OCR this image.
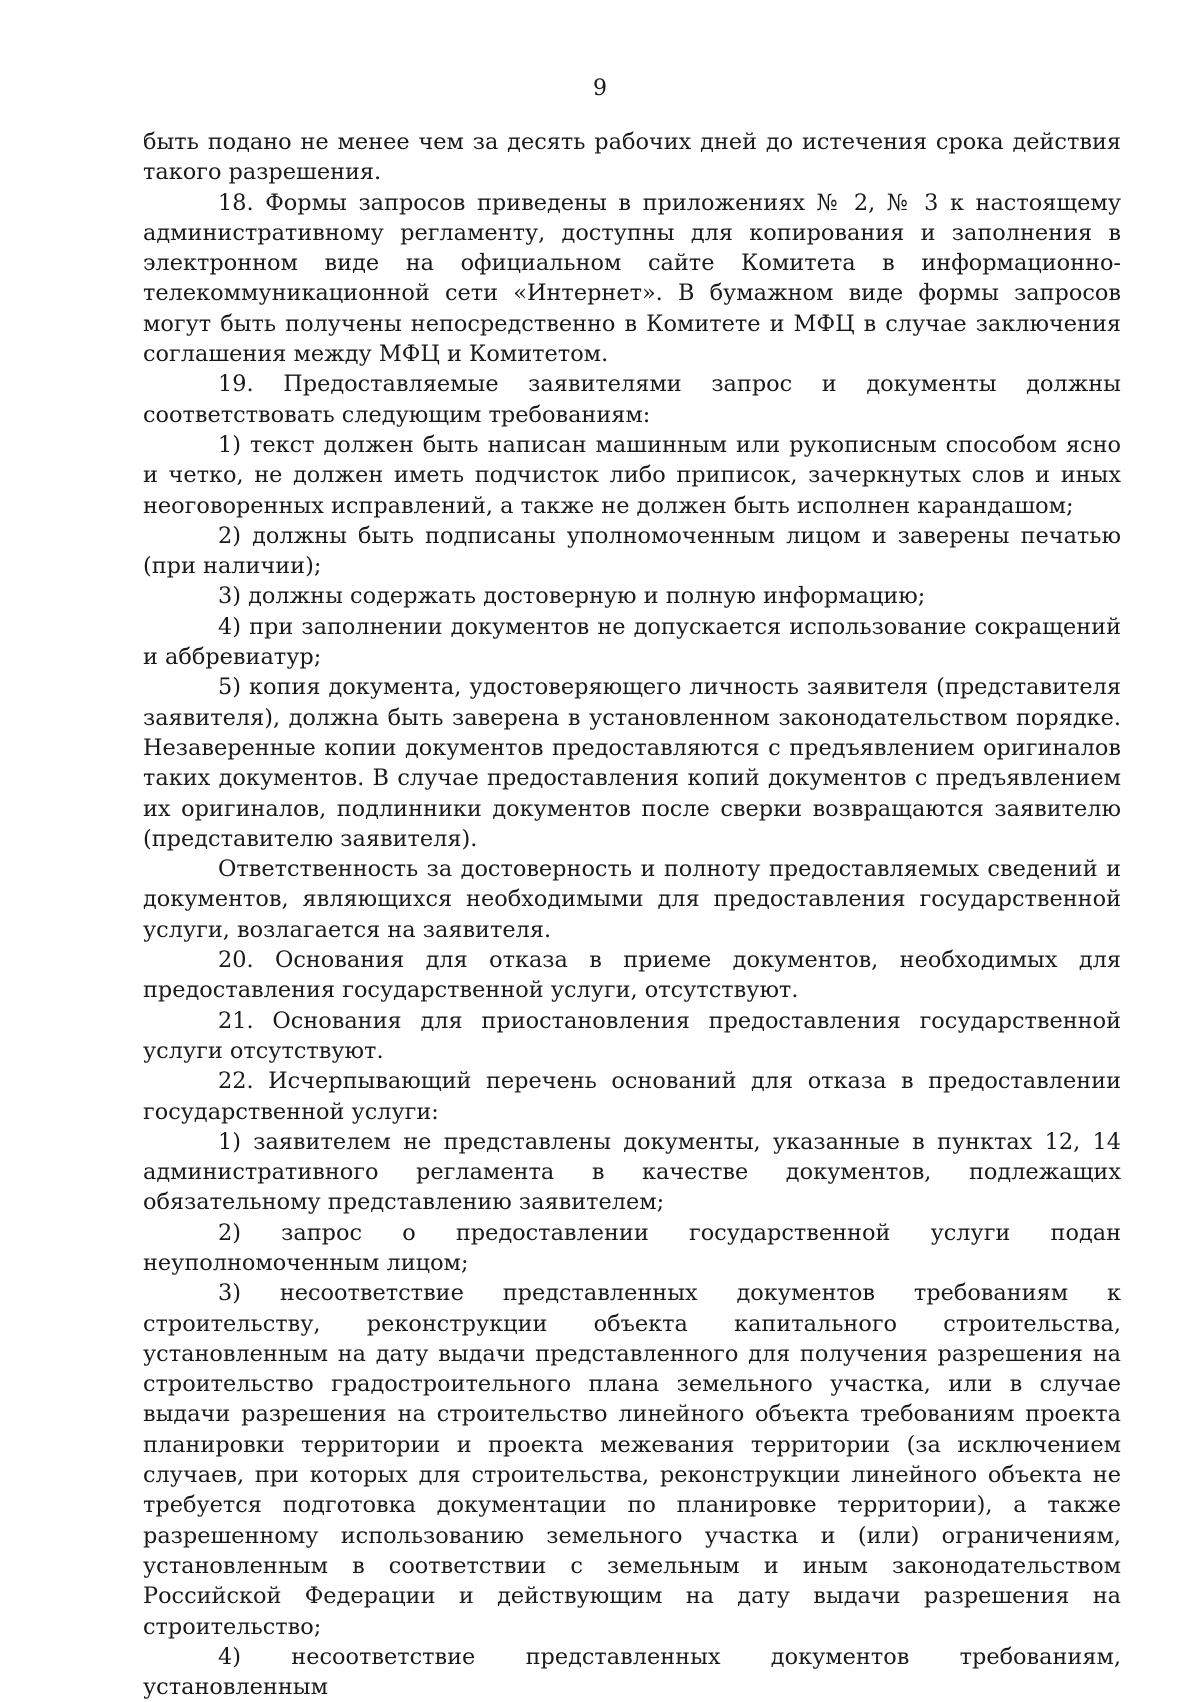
9

быть подано не менее чем за десять рабочих дней до истечения срока действия такого разрешения.

18. Формы запросов приведены в приложениях № 2, № 3 к настоящему административному регламенту, доступны для копирования и заполнения в электронном виде на официальном сайте Комитета в информационно-телекоммуникационной сети «Интернет». В бумажном виде формы запросов могут быть получены непосредственно в Комитете и МФЦ в случае заключения соглашения между МФЦ и Комитетом.

19. Предоставляемые заявителями запрос и документы должны соответствовать следующим требованиям:

1) текст должен быть написан машинным или рукописным способом ясно и четко, не должен иметь подчисток либо приписок, зачеркнутых слов и иных неоговоренных исправлений, а также не должен быть исполнен карандашом;

2) должны быть подписаны уполномоченным лицом и заверены печатью (при наличии);

3) должны содержать достоверную и полную информацию;

4) при заполнении документов не допускается использование сокращений и аббревиатур;

5) копия документа, удостоверяющего личность заявителя (представителя заявителя), должна быть заверена в установленном законодательством порядке. Незаверенные копии документов предоставляются с предъявлением оригиналов таких документов. В случае предоставления копий документов с предъявлением их оригиналов, подлинники документов после сверки возвращаются заявителю (представителю заявителя).

Ответственность за достоверность и полноту предоставляемых сведений и документов, являющихся необходимыми для предоставления государственной услуги, возлагается на заявителя.

20. Основания для отказа в приеме документов, необходимых для предоставления государственной услуги, отсутствуют.

21. Основания для приостановления предоставления государственной услуги отсутствуют.

22. Исчерпывающий перечень оснований для отказа в предоставлении государственной услуги:

1) заявителем не представлены документы, указанные в пунктах 12, 14 административного регламента в качестве документов, подлежащих обязательному представлению заявителем;

2) запрос о предоставлении государственной услуги подан неуполномоченным лицом;

3) несоответствие представленных документов требованиям к строительству, реконструкции объекта капитального строительства, установленным на дату выдачи представленного для получения разрешения на строительство градостроительного плана земельного участка, или в случае выдачи разрешения на строительство линейного объекта требованиям проекта планировки территории и проекта межевания территории (за исключением случаев, при которых для строительства, реконструкции линейного объекта не требуется подготовка документации по планировке территории), а также разрешенному использованию земельного участка и (или) ограничениям, установленным в соответствии с земельным и иным законодательством Российской Федерации и действующим на дату выдачи разрешения на строительство;

4) несоответствие представленных документов требованиям, установленным
